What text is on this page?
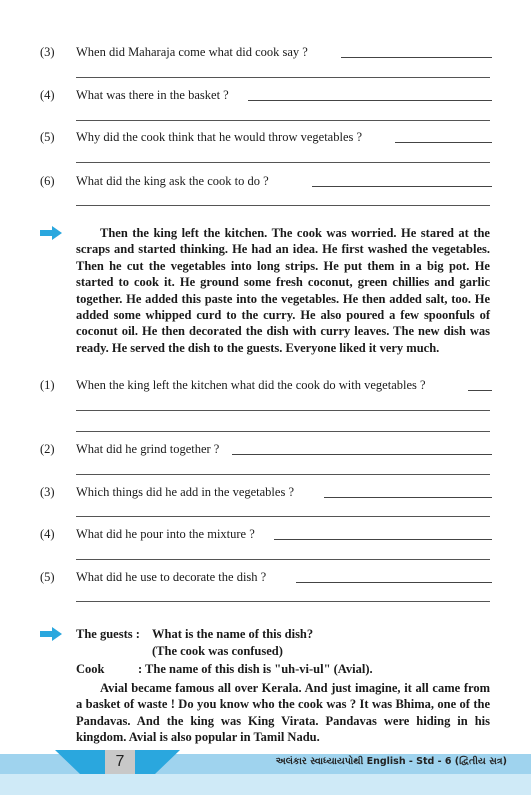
(3)	When did Maharaja come what did cook say ?
(4)	What was there in the basket ?
(5)	Why did the cook think that he would throw vegetables ?
(6)	What did the king ask the cook to do ?
Then the king left the kitchen. The cook was worried. He stared at the scraps and started thinking. He had an idea. He first washed the vegetables. Then he cut the vegetables into long strips. He put them in a big pot. He started to cook it. He ground some fresh coconut, green chillies and garlic together. He added this paste into the vegetables. He then added salt, too. He added some whipped curd to the curry. He also poured a few spoonfuls of coconut oil. He then decorated the dish with curry leaves. The new dish was ready. He served the dish to the guests. Everyone liked it very much.
(1)	When the king left the kitchen what did the cook do with vegetables ?
(2)	What did he grind together ?
(3)	Which things did he add in the vegetables ?
(4)	What did he pour into the mixture ?
(5)	What did he use to decorate the dish ?
The guests : What is the name of this dish?
(The cook was confused)
Cook	: The name of this dish is "uh-vi-ul" (Avial).
Avial became famous all over Kerala. And just imagine, it all came from a basket of waste ! Do you know who the cook was ? It was Bhima, one of the Pandavas. And the king was King Virata. Pandavas were hiding in his kingdom. Avial is also popular in Tamil Nadu.
7	અલંકાર સ્વાધ્યાયપોથી English - Std - 6 (દ્વિતીય સત્ર)
